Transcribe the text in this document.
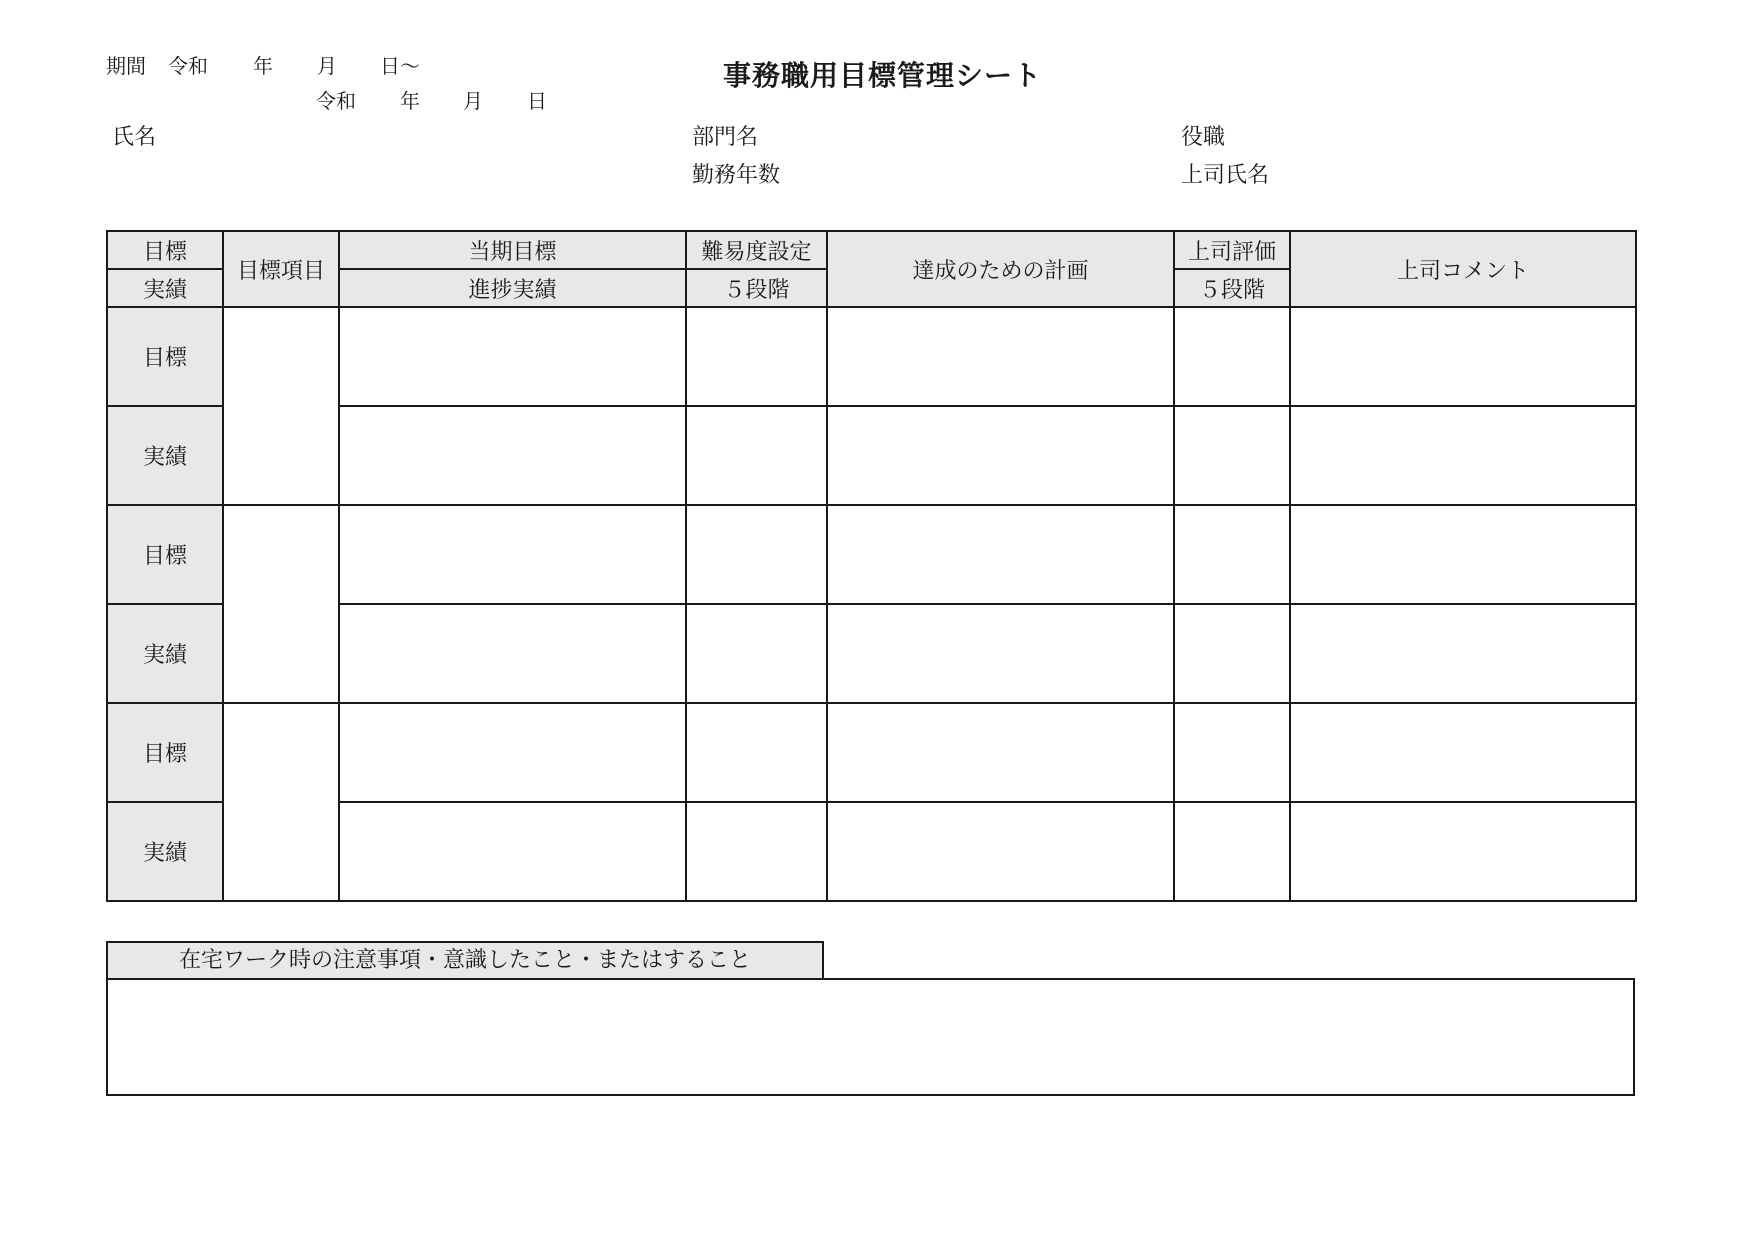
期間 令和 年 月 日〜
令和 年 月 日
事務職用目標管理シート
氏名	部門名	役職
勤務年数	上司氏名
目標	目標項目	当期目標	難易度設定	達成のための計画	上司評価	上司コメント
実績		進捗実績	５段階		５段階	
目標						
実績						
目標						
実績						
目標						
実績						
在宅ワーク時の注意事項・意識したこと・またはすること
